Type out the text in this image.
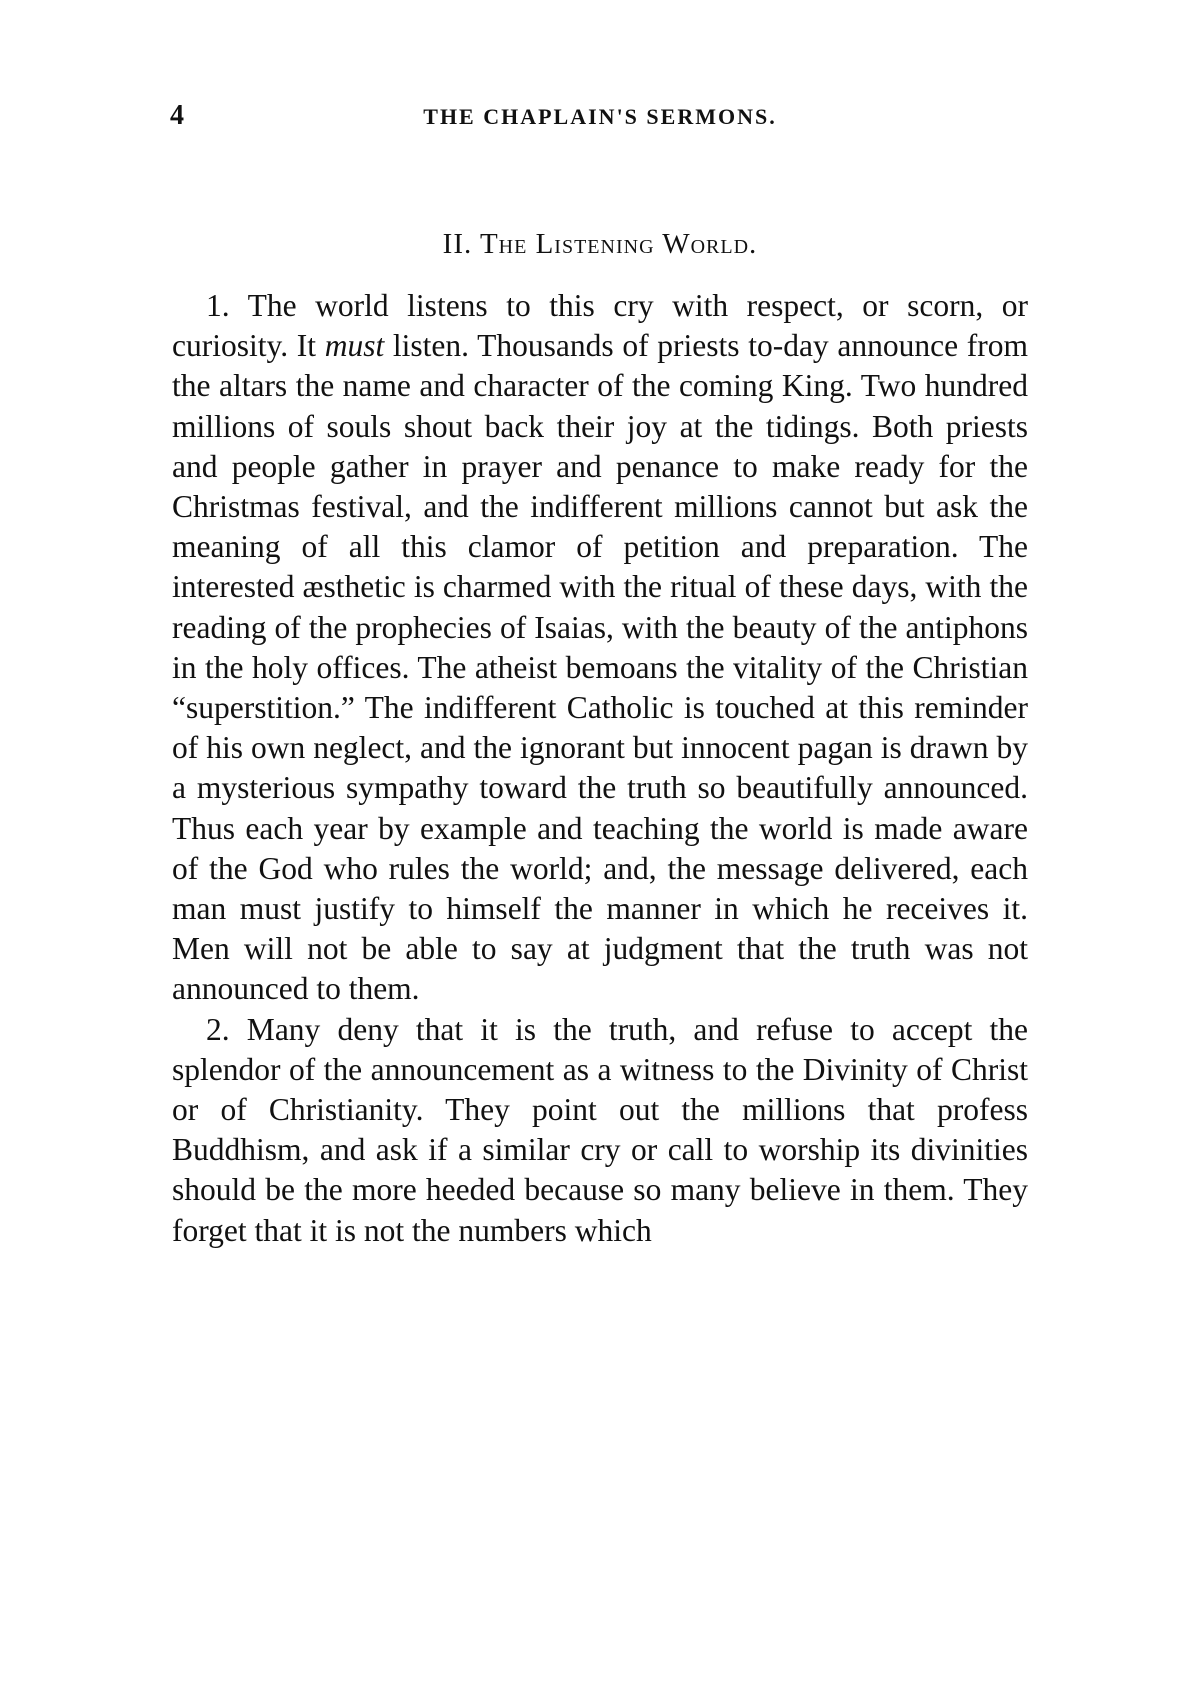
4	THE CHAPLAIN'S SERMONS.
II. The Listening World.

1. The world listens to this cry with respect, or scorn, or curiosity. It must listen. Thousands of priests to-day announce from the altars the name and character of the coming King. Two hundred millions of souls shout back their joy at the tidings. Both priests and people gather in prayer and penance to make ready for the Christmas festival, and the indifferent millions cannot but ask the meaning of all this clamor of petition and preparation. The interested æsthetic is charmed with the ritual of these days, with the reading of the prophecies of Isaias, with the beauty of the antiphons in the holy offices. The atheist bemoans the vitality of the Christian “superstition.” The indifferent Catholic is touched at this reminder of his own neglect, and the ignorant but innocent pagan is drawn by a mysterious sympathy toward the truth so beautifully announced. Thus each year by example and teaching the world is made aware of the God who rules the world; and, the message delivered, each man must justify to himself the manner in which he receives it. Men will not be able to say at judgment that the truth was not announced to them.

2. Many deny that it is the truth, and refuse to accept the splendor of the announcement as a witness to the Divinity of Christ or of Christianity. They point out the millions that profess Buddhism, and ask if a similar cry or call to worship its divinities should be the more heeded because so many believe in them. They forget that it is not the numbers which
